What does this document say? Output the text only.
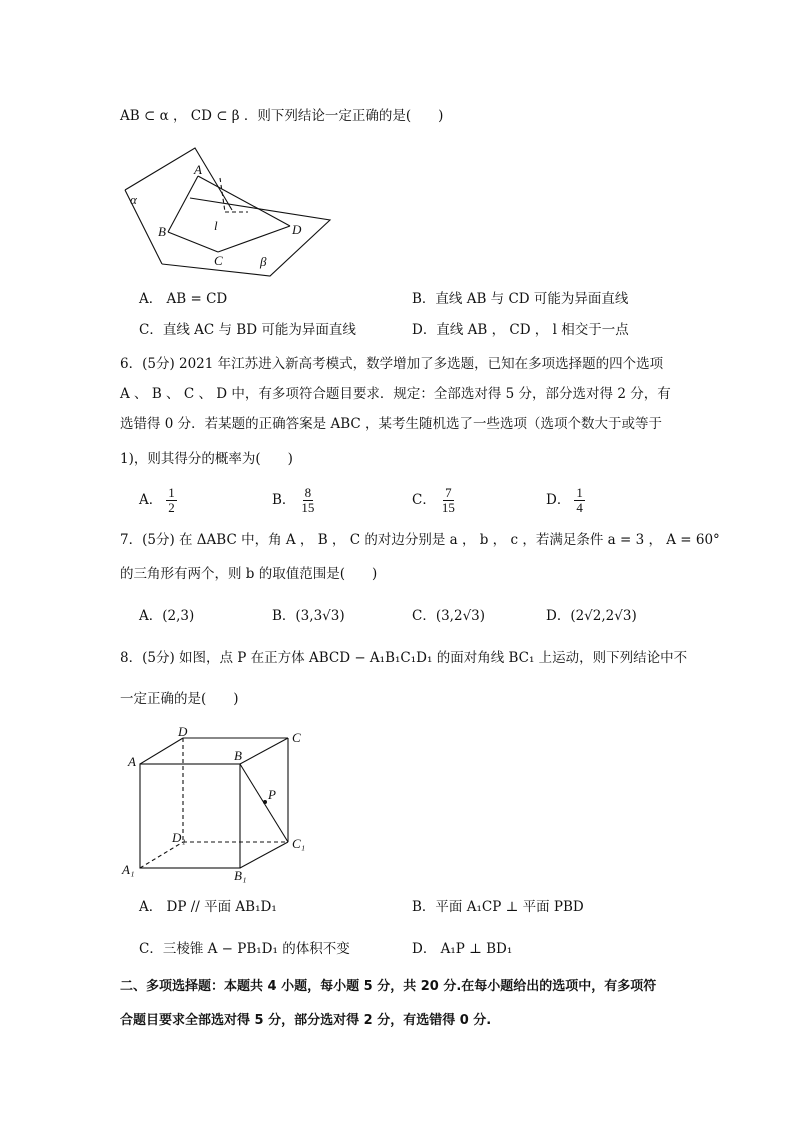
AB ⊂ α ， CD ⊂ β ．则下列结论一定正确的是(　　)
α
A
B
C
D
l
β
A． AB = CD	B．直线 AB 与 CD 可能为异面直线
C．直线 AC 与 BD 可能为异面直线	D．直线 AB ， CD ， l 相交于一点
6．(5分) 2021 年江苏进入新高考模式，数学增加了多选题，已知在多项选择题的四个选项
A 、 B 、 C 、 D 中，有多项符合题目要求．规定：全部选对得 5 分，部分选对得 2 分，有
选错得 0 分．若某题的正确答案是 ABC ，某考生随机选了一些选项（选项个数大于或等于
1)，则其得分的概率为(　　)
A． $\frac{1}{2}$	B． $\frac{8}{15}$	C． $\frac{7}{15}$	D． $\frac{1}{4}$
7．(5分) 在 ΔABC 中，角 A ， B ， C 的对边分别是 a ， b ， c ，若满足条件 a = 3 ， A = 60°
的三角形有两个，则 b 的取值范围是(　　)
A．(2,3)	B．(3,3√3)	C．(3,2√3)	D．(2√2,2√3)
8．(5分) 如图，点 P 在正方体 ABCD − A₁B₁C₁D₁ 的面对角线 BC₁ 上运动，则下列结论中不
一定正确的是(　　)
D	C
A	B
P
D₁	C₁
A₁	B₁
A． DP // 平面 AB₁D₁	B．平面 A₁CP ⊥ 平面 PBD
C．三棱锥 A − PB₁D₁ 的体积不变	D． A₁P ⊥ BD₁
二、多项选择题：本题共 4 小题，每小题 5 分，共 20 分.在每小题给出的选项中，有多项符
合题目要求全部选对得 5 分，部分选对得 2 分，有选错得 0 分.
